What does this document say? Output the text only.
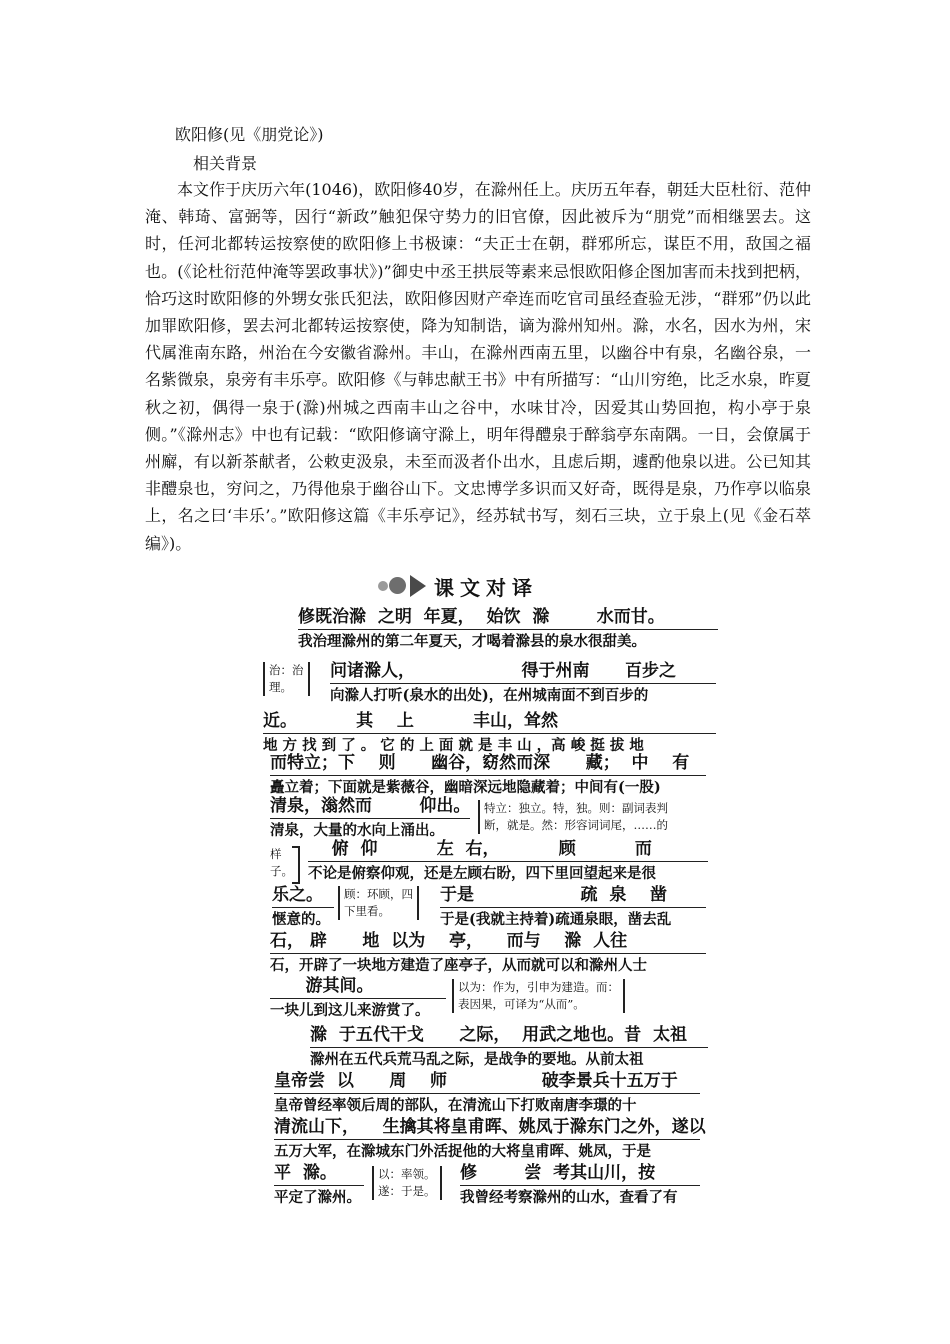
欧阳修(见《朋党论》)
相关背景

本文作于庆历六年(1046)，欧阳修40岁，在滁州任上。庆历五年春，朝廷大臣杜衍、范仲淹、韩琦、富弼等，因行“新政”触犯保守势力的旧官僚，因此被斥为“朋党”而相继罢去。这时，任河北都转运按察使的欧阳修上书极谏：“夫正士在朝，群邪所忘，谋臣不用，敌国之福也。(《论杜衍范仲淹等罢政事状》)”御史中丞王拱辰等素来忌恨欧阳修企图加害而未找到把柄，恰巧这时欧阳修的外甥女张氏犯法，欧阳修因财产牵连而吃官司虽经查验无涉，“群邪”仍以此加罪欧阳修，罢去河北都转运按察使，降为知制诰，谪为滁州知州。滁，水名，因水为州，宋代属淮南东路，州治在今安徽省滁州。丰山，在滁州西南五里，以幽谷中有泉，名幽谷泉，一名紫微泉，泉旁有丰乐亭。欧阳修《与韩忠献王书》中有所描写：“山川穷绝，比乏水泉，昨夏秋之初，偶得一泉于(滁)州城之西南丰山之谷中，水味甘冷，因爱其山势回抱，构小亭于泉侧。”《滁州志》中也有记载：“欧阳修谪守滁上，明年得醴泉于醉翁亭东南隅。一日，会僚属于州廨，有以新茶献者，公敕吏汲泉，未至而汲者仆出水，且虑后期，遽酌他泉以进。公已知其非醴泉也，穷问之，乃得他泉于幽谷山下。文忠博学多识而又好奇，既得是泉，乃作亭以临泉上，名之曰‘丰乐’。”欧阳修这篇《丰乐亭记》，经苏轼书写，刻石三块，立于泉上(见《金石萃编》)。

课文对译
修既治滁  之明  年夏，  始饮  滁        水而甘。
我治理滁州的第二年夏天，才喝着滁县的泉水很甜美。
治：治
理。
问诸滁人，                  得于州南      百步之
向滁人打听(泉水的出处)，在州城南面不到百步的
近。          其    上          丰山，耸然
地 方 找 到 了 。 它 的 上 面 就 是 丰 山 ，高 峻 挺 拔 地
而特立；下    则      幽谷，窈然而深      藏；  中    有
矗立着；下面就是紫薇谷，幽暗深远地隐藏着；中间有(一股)
清泉，滃然而        仰出。
清泉，大量的水向上涌出。
特立：独立。特，独。则：副词表判
断，就是。然：形容词词尾，……的
样
子。
俯  仰          左  右，          顾          而
不论是俯察仰观，还是左顾右盼，四下里回望起来是很
乐之。
惬意的。
顾：环顾，四
下里看。
于是                  疏  泉    凿
于是(我就主持着)疏通泉眼，凿去乱
石， 辟      地  以为    亭，    而与    滁  人往
石，开辟了一块地方建造了座亭子，从而就可以和滁州人士
游其间。
一块儿到这儿来游赏了。
以为：作为，引申为建造。而：
表因果，可译为“从而”。
滁  于五代干戈      之际，  用武之地也。昔  太祖
滁州在五代兵荒马乱之际，是战争的要地。从前太祖
皇帝尝  以      周    师                破李景兵十五万于
皇帝曾经率领后周的部队，在清流山下打败南唐李璟的十
清流山下，    生擒其将皇甫晖、姚凤于滁东门之外，遂以
五万大军，在滁城东门外活捉他的大将皇甫晖、姚凤，于是
平  滁。
平定了滁州。
以：率领。
遂：于是。
修        尝  考其山川，按
我曾经考察滁州的山水，查看了有
